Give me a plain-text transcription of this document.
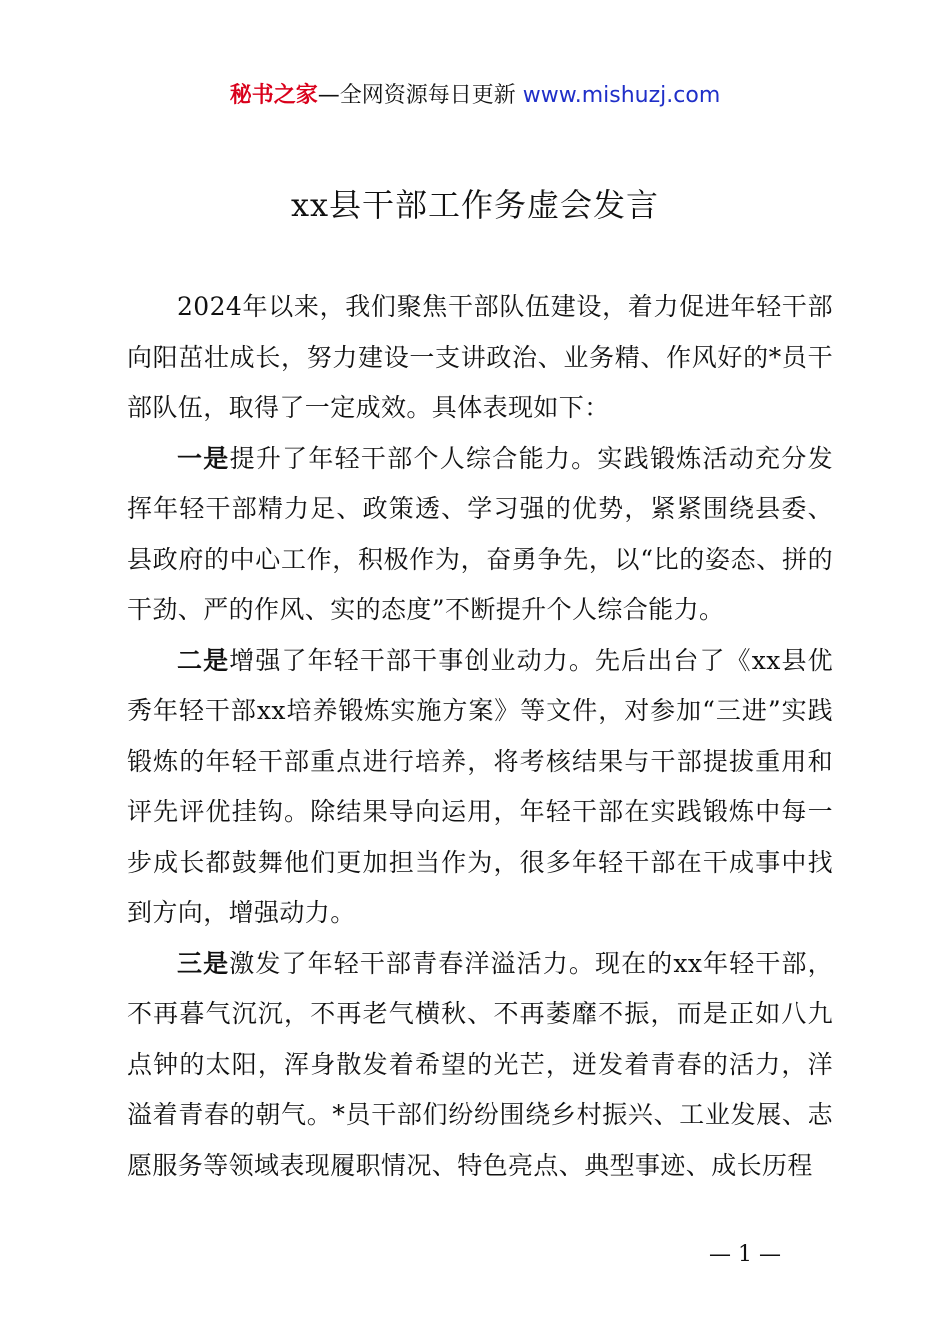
秘书之家—全网资源每日更新 www.mishuzj.com
xx县干部工作务虚会发言

2024年以来，我们聚焦干部队伍建设，着力促进年轻干部向阳茁壮成长，努力建设一支讲政治、业务精、作风好的*员干部队伍，取得了一定成效。具体表现如下：

一是提升了年轻干部个人综合能力。实践锻炼活动充分发挥年轻干部精力足、政策透、学习强的优势，紧紧围绕县委、县政府的中心工作，积极作为，奋勇争先，以“比的姿态、拼的干劲、严的作风、实的态度”不断提升个人综合能力。

二是增强了年轻干部干事创业动力。先后出台了《xx县优秀年轻干部xx培养锻炼实施方案》等文件，对参加“三进”实践锻炼的年轻干部重点进行培养，将考核结果与干部提拔重用和评先评优挂钩。除结果导向运用，年轻干部在实践锻炼中每一步成长都鼓舞他们更加担当作为，很多年轻干部在干成事中找到方向，增强动力。

三是激发了年轻干部青春洋溢活力。现在的xx年轻干部，不再暮气沉沉，不再老气横秋、不再萎靡不振，而是正如八九点钟的太阳，浑身散发着希望的光芒，迸发着青春的活力，洋溢着青春的朝气。*员干部们纷纷围绕乡村振兴、工业发展、志愿服务等领域表现履职情况、特色亮点、典型事迹、成长历程

— 1 —
